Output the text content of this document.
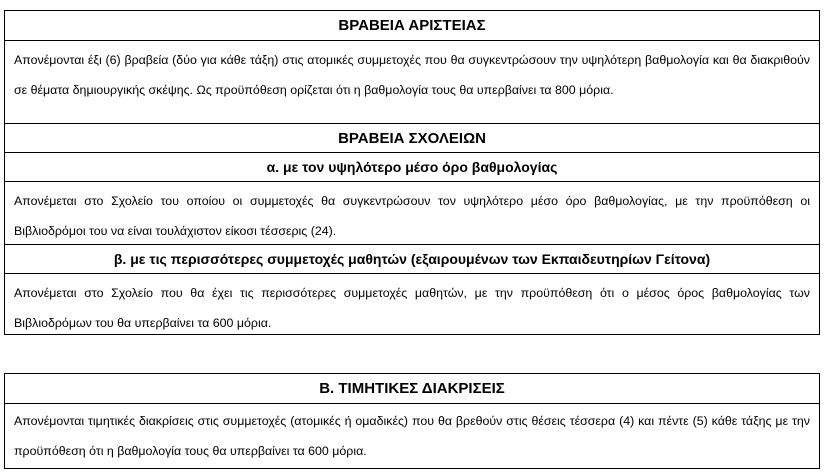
ΒΡΑΒΕΙΑ ΑΡΙΣΤΕΙΑΣ
Απονέμονται έξι (6) βραβεία (δύο για κάθε τάξη) στις ατομικές συμμετοχές που θα συγκεντρώσουν την υψηλότερη βαθμολογία και θα διακριθούν σε θέματα δημιουργικής σκέψης. Ως προϋπόθεση ορίζεται ότι η βαθμολογία τους θα υπερβαίνει τα 800 μόρια.
ΒΡΑΒΕΙΑ ΣΧΟΛΕΙΩΝ
α. με τον υψηλότερο μέσο όρο βαθμολογίας
Απονέμεται στο Σχολείο του οποίου οι συμμετοχές θα συγκεντρώσουν τον υψηλότερο μέσο όρο βαθμολογίας, με την προϋπόθεση οι Βιβλιοδρόμοι του να είναι τουλάχιστον είκοσι τέσσερις (24).
β. με τις περισσότερες συμμετοχές μαθητών (εξαιρουμένων των Εκπαιδευτηρίων Γείτονα)
Απονέμεται στο Σχολείο που θα έχει τις περισσότερες συμμετοχές μαθητών, με την προϋπόθεση ότι ο μέσος όρος βαθμολογίας των Βιβλιοδρόμων του θα υπερβαίνει τα 600 μόρια.
Β. ΤΙΜΗΤΙΚΕΣ ΔΙΑΚΡΙΣΕΙΣ
Απονέμονται τιμητικές διακρίσεις στις συμμετοχές (ατομικές ή ομαδικές) που θα βρεθούν στις θέσεις τέσσερα (4) και πέντε (5) κάθε τάξης με την προϋπόθεση ότι η βαθμολογία τους θα υπερβαίνει τα 600 μόρια.
